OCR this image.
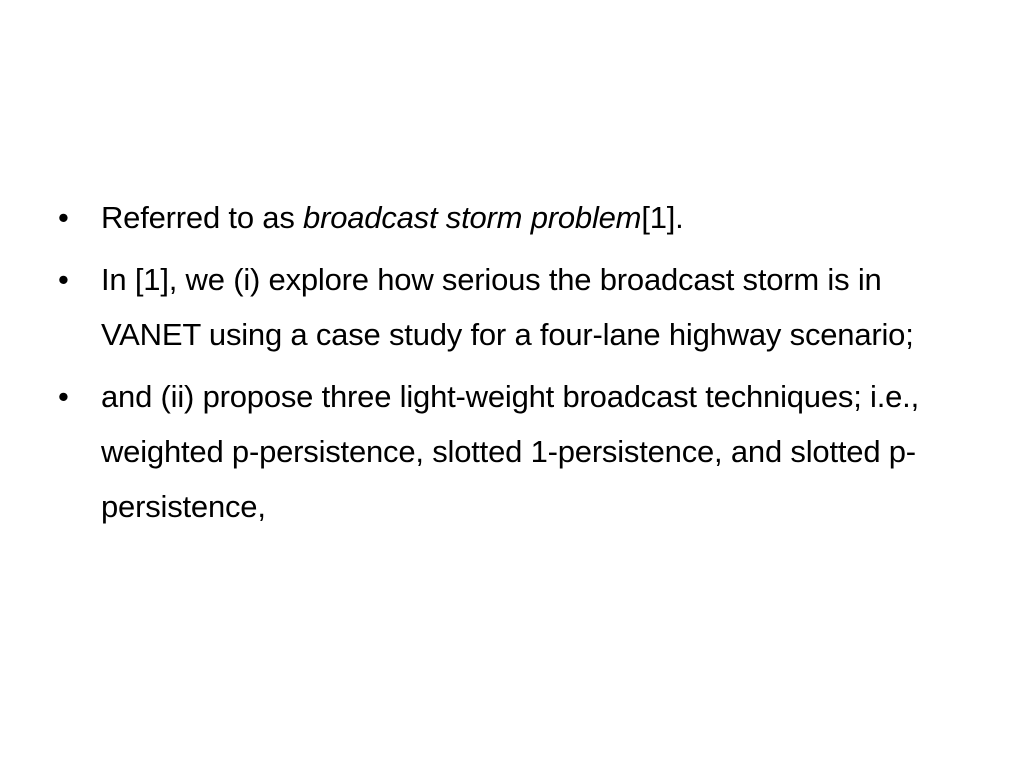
•	Referred to as broadcast storm problem[1].
•	In [1], we (i) explore how serious the broadcast storm is in VANET using a case study for a four-lane highway scenario;
•	and (ii) propose three light-weight broadcast techniques; i.e., weighted p-persistence, slotted 1-persistence, and slotted p-persistence,
